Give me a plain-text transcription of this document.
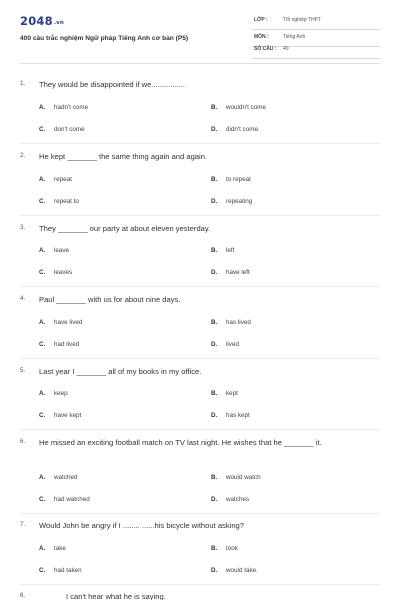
2048.vn
400 câu trắc nghiệm Ngữ pháp Tiếng Anh cơ bản (P5)
LỚP :	Tốt nghiệp THPT
MÔN :	Tiếng Anh
SỐ CÂU : 40
1. They would be disappointed if we................
A. hadn't come	B. wouldn't come
C. don't come	D. didn't come.
2. He kept _______ the same thing again and again.
A. repeat	B. to repeat
C. repeat to	D. repeating
3. They _______ our party at about eleven yesterday.
A. leave	B. left
C. leaves	D. have left
4. Paul _______ with us for about nine days.
A. have lived	B. has lived
C. had lived	D. lived
5. Last year I _______ all of my books in my office.
A. keep	B. kept
C. have kept	D. has kept
6. He missed an exciting football match on TV last night. He wishes that he _______ it.
A. watched	B. would watch
C. had watched	D. watches
7. Would John be angry if I ........ ......his bicycle without asking?
A. take	B. took
C. had taken	D. would take.
8.	I can't hear what he is saying.
